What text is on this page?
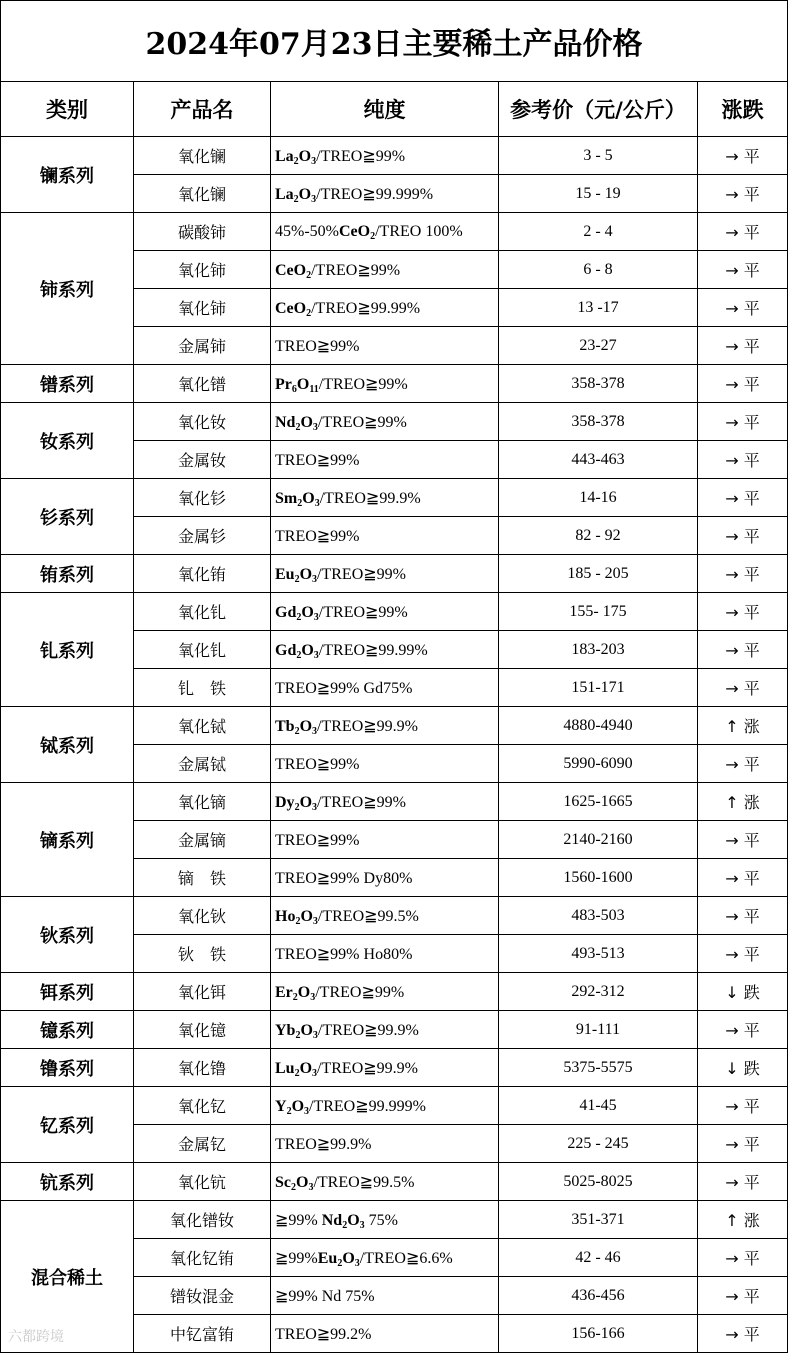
2024年07月23日主要稀土产品价格				
类别	产品名	纯度	参考价（元/公斤）	涨跌
镧系列	氧化镧	$La_2O_3/TREO≧99\%$	3 - 5	→ 平
	氧化镧	$La_2O_3/TREO≧99.999\%$	15 - 19	→ 平
铈系列	碳酸铈	45%-50%CeO$_2$/TREO 100%	2 - 4	→ 平
	氧化铈	CeO$_2$/TREO≧99%	6 - 8	→ 平
	氧化铈	CeO$_2$/TREO≧99.99%	13 -17	→ 平
	金属铈	TREO≧99%	23-27	→ 平
镨系列	氧化镨	$Pr_6O_{11}/TREO≧99\%$	358-378	→ 平
钕系列	氧化钕	$Nd_2O_3/TREO≧99\%$	358-378	→ 平
	金属钕	TREO≧99%	443-463	→ 平
钐系列	氧化钐	$Sm_2O_3/TREO≧99.9\%$	14-16	→ 平
	金属钐	TREO≧99%	82 - 92	→ 平
铕系列	氧化铕	$Eu_2O_3/TREO≧99\%$	185 - 205	→ 平
钆系列	氧化钆	$Gd_2O_3/TREO≧99\%$	155- 175	→ 平
	氧化钆	$Gd_2O_3/TREO≧99.99\%$	183-203	→ 平
	钆　铁	TREO≧99% Gd75%	151-171	→ 平
铽系列	氧化铽	$Tb_2O_3/TREO≧99.9\%$	4880-4940	↑ 涨
	金属铽	TREO≧99%	5990-6090	→ 平
镝系列	氧化镝	$Dy_2O_3/TREO≧99\%$	1625-1665	↑ 涨
	金属镝	TREO≧99%	2140-2160	→ 平
	镝　铁	TREO≧99% Dy80%	1560-1600	→ 平
钬系列	氧化钬	$Ho_2O_3/TREO≧99.5\%$	483-503	→ 平
	钬　铁	TREO≧99% Ho80%	493-513	→ 平
铒系列	氧化铒	$Er_2O_3/TREO≧99\%$	292-312	↓ 跌
镱系列	氧化镱	$Yb_2O_3/TREO≧99.9\%$	91-111	→ 平
镥系列	氧化镥	$Lu_2O_3/TREO≧99.9\%$	5375-5575	↓ 跌
钇系列	氧化钇	$Y_2O_3/TREO≧99.999\%$	41-45	→ 平
	金属钇	TREO≧99.9%	225 - 245	→ 平
钪系列	氧化钪	$Sc_2O_3/TREO≧99.5\%$	5025-8025	→ 平
混合稀土	氧化镨钕	≧99% $Nd_2O_3$ 75%	351-371	↑ 涨
	氧化钇铕	$≧99\%Eu_2O_3/TREO≧6.6\%$	42 - 46	→ 平
	镨钕混金	≧99% Nd 75%	436-456	→ 平
	中钇富铕	TREO≧99.2%	156-166	→ 平
六都跨境
